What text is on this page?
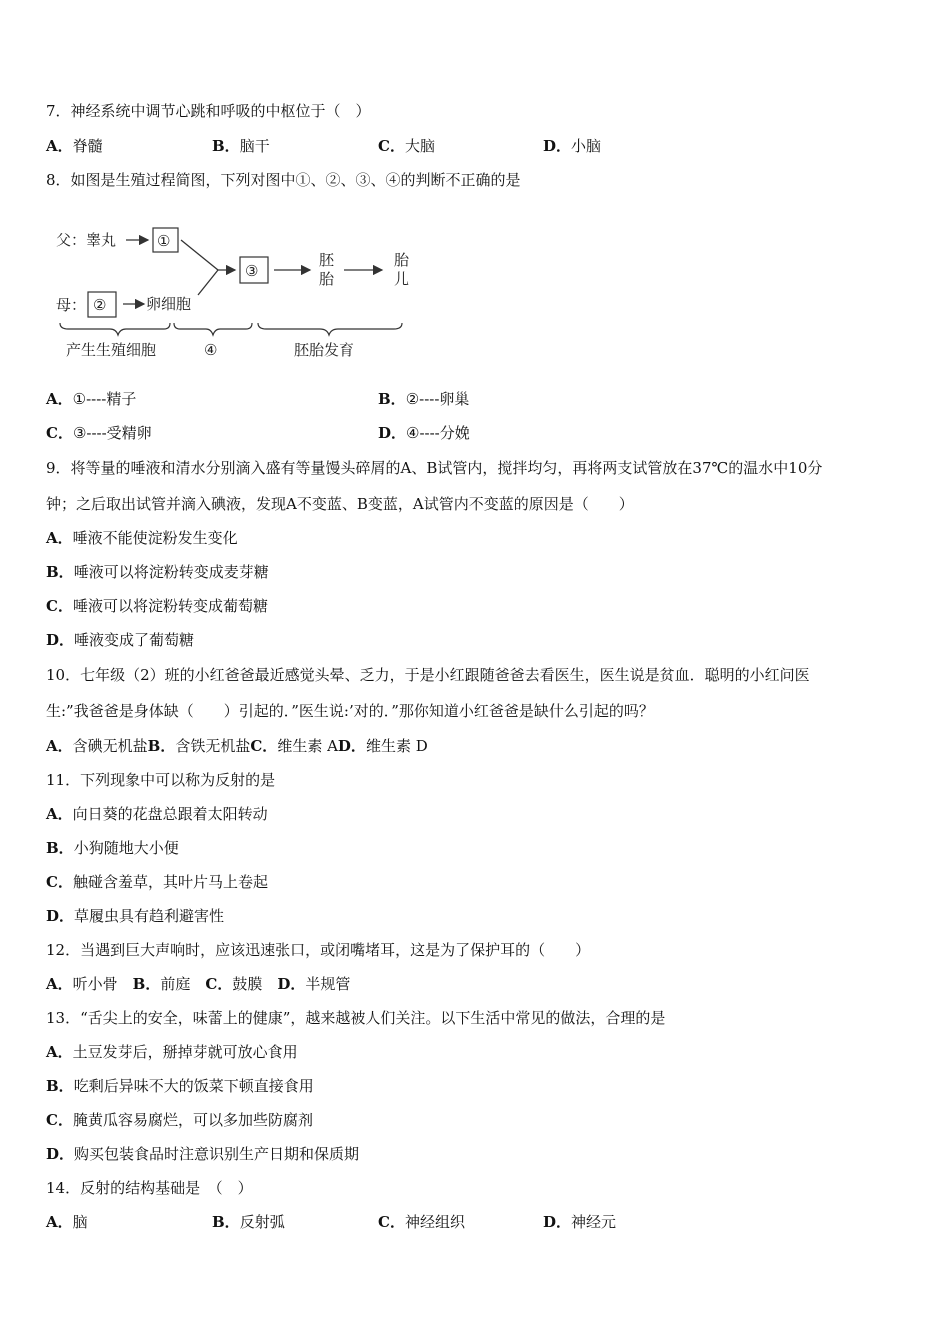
7．神经系统中调节心跳和呼吸的中枢位于（　）
A．脊髓	B．脑干	C．大脑	D．小脑
8．如图是生殖过程简图，下列对图中①、②、③、④的判断不正确的是
父：睾丸	①
母： ②	卵细胞
③
胚
胎
胎
儿
产生生殖细胞	④	胚胎发育
A．①----精子	B．②----卵巢
C．③----受精卵	D．④----分娩
9．将等量的唾液和清水分别滴入盛有等量馒头碎屑的A、B试管内，搅拌均匀，再将两支试管放在37℃的温水中10分
钟；之后取出试管并滴入碘液，发现A不变蓝、B变蓝，A试管内不变蓝的原因是（　　）
A．唾液不能使淀粉发生变化
B．唾液可以将淀粉转变成麦芽糖
C．唾液可以将淀粉转变成葡萄糖
D．唾液变成了葡萄糖
10．七年级（2）班的小红爸爸最近感觉头晕、乏力，于是小红跟随爸爸去看医生，医生说是贫血．聪明的小红问医
生:”我爸爸是身体缺（　　）引起的．”医生说:’对的．”那你知道小红爸爸是缺什么引起的吗？
A．含碘无机盐B．含铁无机盐C．维生素 AD．维生素 D
11．下列现象中可以称为反射的是
A．向日葵的花盘总跟着太阳转动
B．小狗随地大小便
C．触碰含羞草，其叶片马上卷起
D．草履虫具有趋利避害性
12．当遇到巨大声响时，应该迅速张口，或闭嘴堵耳，这是为了保护耳的（　　）
A．听小骨　 B．前庭　 C．鼓膜　 D．半规管
13．“舌尖上的安全，味蕾上的健康”，越来越被人们关注。以下生活中常见的做法，合理的是
A．土豆发芽后，掰掉芽就可放心食用
B．吃剩后异味不大的饭菜下顿直接食用
C．腌黄瓜容易腐烂，可以多加些防腐剂
D．购买包装食品时注意识别生产日期和保质期
14．反射的结构基础是　（　）
A．脑	B．反射弧	C．神经组织	D．神经元
